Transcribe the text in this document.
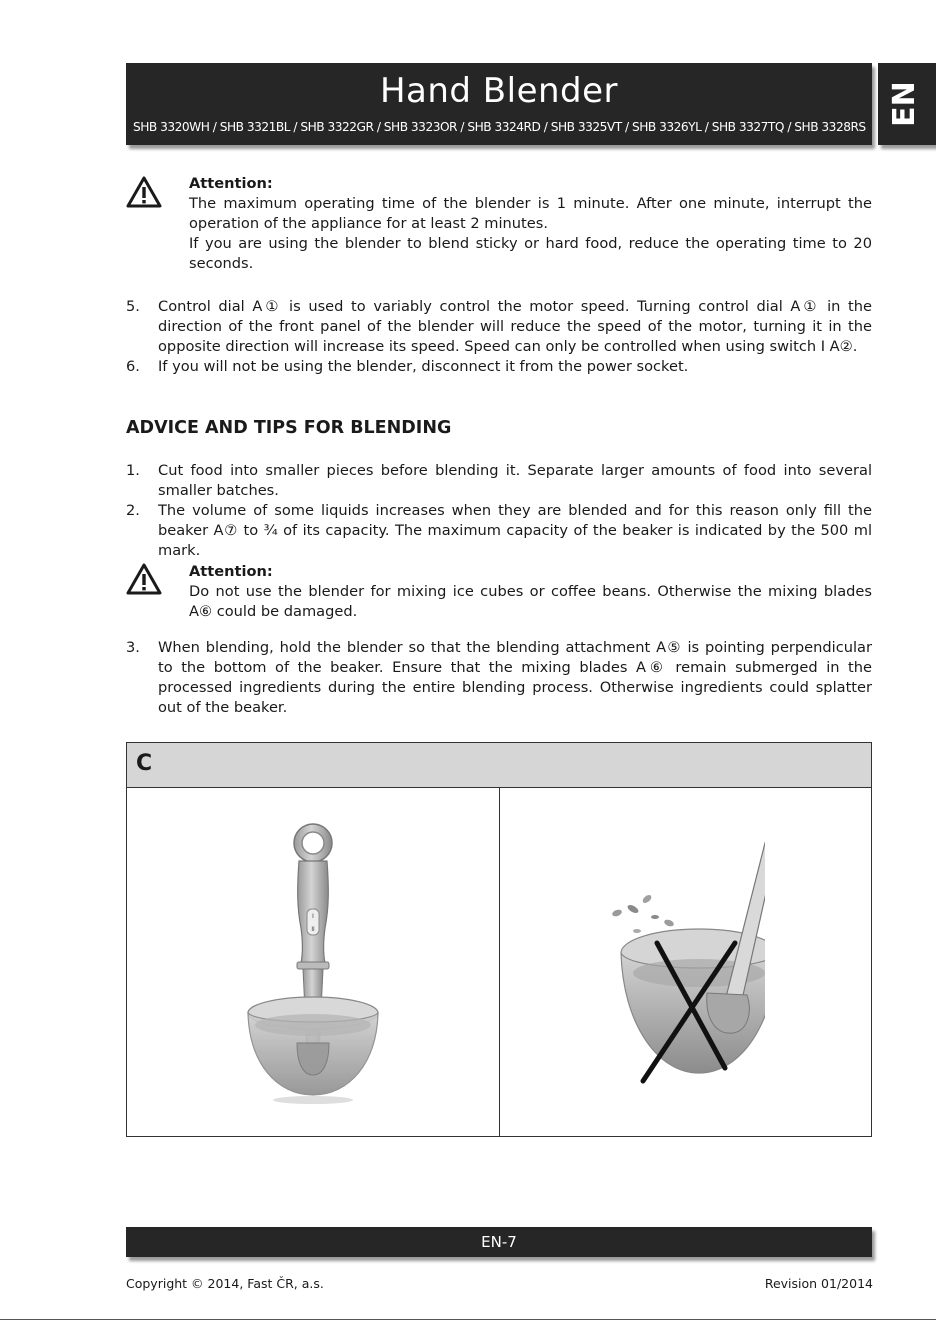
Hand Blender
SHB 3320WH / SHB 3321BL / SHB 3322GR / SHB 3323OR / SHB 3324RD / SHB 3325VT / SHB 3326YL / SHB 3327TQ / SHB 3328RS
EN
Attention:
The maximum operating time of the blender is 1 minute. After one minute, interrupt the operation of the appliance for at least 2 minutes.
If you are using the blender to blend sticky or hard food, reduce the operating time to 20 seconds.
5. Control dial A① is used to variably control the motor speed. Turning control dial A① in the direction of the front panel of the blender will reduce the speed of the motor, turning it in the opposite direction will increase its speed. Speed can only be controlled when using switch I A②.
6. If you will not be using the blender, disconnect it from the power socket.
ADVICE AND TIPS FOR BLENDING
1. Cut food into smaller pieces before blending it. Separate larger amounts of food into several smaller batches.
2. The volume of some liquids increases when they are blended and for this reason only fill the beaker A⑦ to ¾ of its capacity. The maximum capacity of the beaker is indicated by the 500 ml mark.
Attention:
Do not use the blender for mixing ice cubes or coffee beans. Otherwise the mixing blades A⑥ could be damaged.
3. When blending, hold the blender so that the blending attachment A⑤ is pointing perpendicular to the bottom of the beaker. Ensure that the mixing blades A⑥ remain submerged in the processed ingredients during the entire blending process. Otherwise ingredients could splatter out of the beaker.
C
I
II
EN-7
Copyright © 2014, Fast ČR, a.s.	Revision 01/2014
